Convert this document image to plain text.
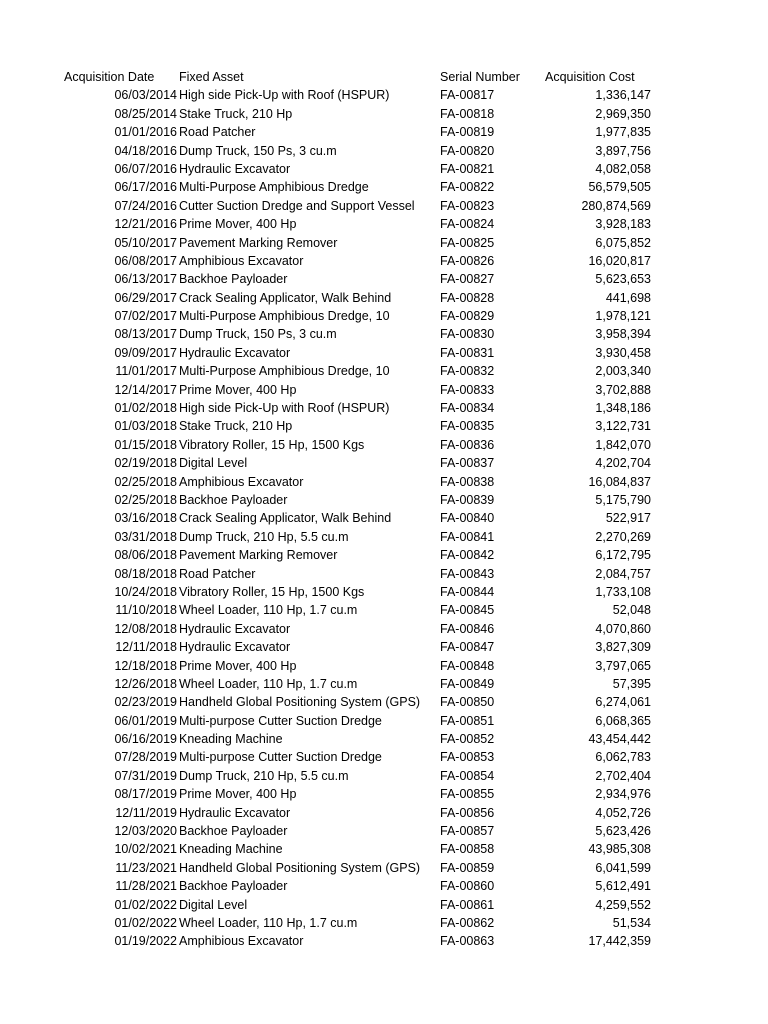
Acquisition Date Fixed Asset	Serial Number Acquisition Cost
06/03/2014 High side Pick-Up with Roof (HSPUR)	FA-00817	1,336,147
08/25/2014 Stake Truck, 210 Hp	FA-00818	2,969,350
01/01/2016 Road Patcher	FA-00819	1,977,835
04/18/2016 Dump Truck, 150 Ps, 3 cu.m	FA-00820	3,897,756
06/07/2016 Hydraulic Excavator	FA-00821	4,082,058
06/17/2016 Multi-Purpose Amphibious Dredge	FA-00822	56,579,505
07/24/2016 Cutter Suction Dredge and Support Vessel FA-00823	280,874,569
12/21/2016 Prime Mover, 400 Hp	FA-00824	3,928,183
05/10/2017 Pavement Marking Remover	FA-00825	6,075,852
06/08/2017 Amphibious Excavator	FA-00826	16,020,817
06/13/2017 Backhoe Payloader	FA-00827	5,623,653
06/29/2017 Crack Sealing Applicator, Walk Behind	FA-00828	441,698
07/02/2017 Multi-Purpose Amphibious Dredge, 10	FA-00829	1,978,121
08/13/2017 Dump Truck, 150 Ps, 3 cu.m	FA-00830	3,958,394
09/09/2017 Hydraulic Excavator	FA-00831	3,930,458
11/01/2017 Multi-Purpose Amphibious Dredge, 10	FA-00832	2,003,340
12/14/2017 Prime Mover, 400 Hp	FA-00833	3,702,888
01/02/2018 High side Pick-Up with Roof (HSPUR)	FA-00834	1,348,186
01/03/2018 Stake Truck, 210 Hp	FA-00835	3,122,731
01/15/2018 Vibratory Roller, 15 Hp, 1500 Kgs	FA-00836	1,842,070
02/19/2018 Digital Level	FA-00837	4,202,704
02/25/2018 Amphibious Excavator	FA-00838	16,084,837
02/25/2018 Backhoe Payloader	FA-00839	5,175,790
03/16/2018 Crack Sealing Applicator, Walk Behind	FA-00840	522,917
03/31/2018 Dump Truck, 210 Hp, 5.5 cu.m	FA-00841	2,270,269
08/06/2018 Pavement Marking Remover	FA-00842	6,172,795
08/18/2018 Road Patcher	FA-00843	2,084,757
10/24/2018 Vibratory Roller, 15 Hp, 1500 Kgs	FA-00844	1,733,108
11/10/2018 Wheel Loader, 110 Hp, 1.7 cu.m	FA-00845	52,048
12/08/2018 Hydraulic Excavator	FA-00846	4,070,860
12/11/2018 Hydraulic Excavator	FA-00847	3,827,309
12/18/2018 Prime Mover, 400 Hp	FA-00848	3,797,065
12/26/2018 Wheel Loader, 110 Hp, 1.7 cu.m	FA-00849	57,395
02/23/2019 Handheld Global Positioning System (GPS) FA-00850	6,274,061
06/01/2019 Multi-purpose Cutter Suction Dredge	FA-00851	6,068,365
06/16/2019 Kneading Machine	FA-00852	43,454,442
07/28/2019 Multi-purpose Cutter Suction Dredge	FA-00853	6,062,783
07/31/2019 Dump Truck, 210 Hp, 5.5 cu.m	FA-00854	2,702,404
08/17/2019 Prime Mover, 400 Hp	FA-00855	2,934,976
12/11/2019 Hydraulic Excavator	FA-00856	4,052,726
12/03/2020 Backhoe Payloader	FA-00857	5,623,426
10/02/2021 Kneading Machine	FA-00858	43,985,308
11/23/2021 Handheld Global Positioning System (GPS) FA-00859	6,041,599
11/28/2021 Backhoe Payloader	FA-00860	5,612,491
01/02/2022 Digital Level	FA-00861	4,259,552
01/02/2022 Wheel Loader, 110 Hp, 1.7 cu.m	FA-00862	51,534
01/19/2022 Amphibious Excavator	FA-00863	17,442,359
